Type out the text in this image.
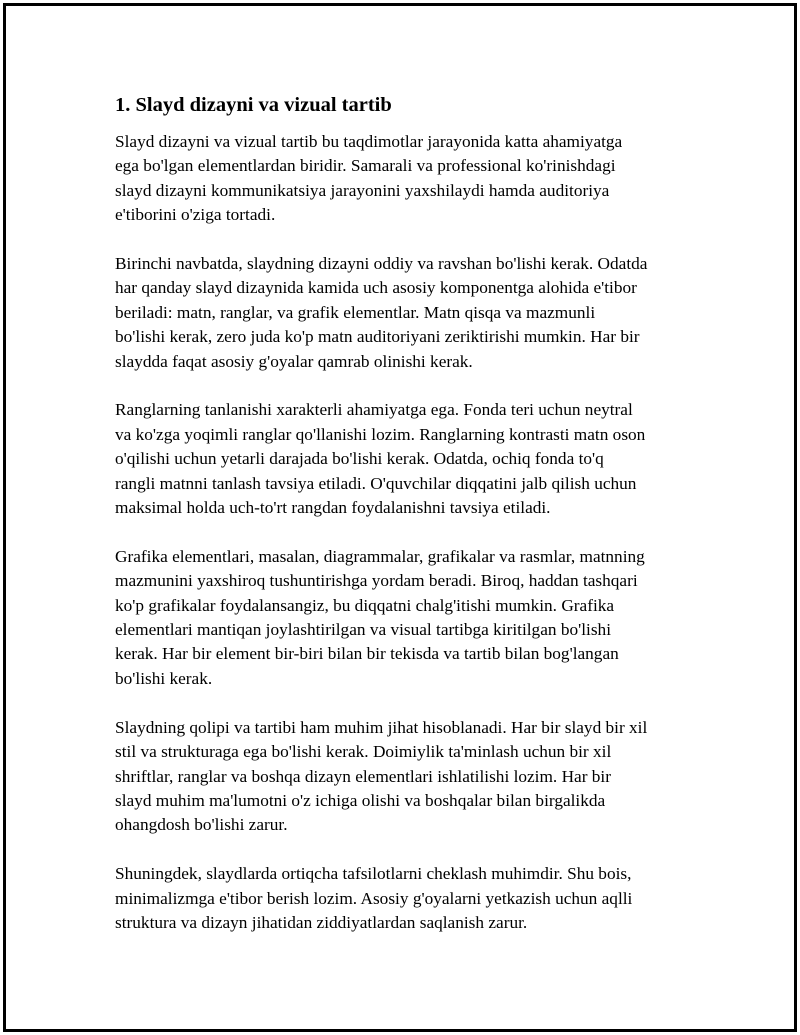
1. Slayd dizayni va vizual tartib
Slayd dizayni va vizual tartib bu taqdimotlar jarayonida katta ahamiyatga
ega bo'lgan elementlardan biridir. Samarali va professional ko'rinishdagi
slayd dizayni kommunikatsiya jarayonini yaxshilaydi hamda auditoriya
e'tiborini o'ziga tortadi.
Birinchi navbatda, slaydning dizayni oddiy va ravshan bo'lishi kerak. Odatda
har qanday slayd dizaynida kamida uch asosiy komponentga alohida e'tibor
beriladi: matn, ranglar, va grafik elementlar. Matn qisqa va mazmunli
bo'lishi kerak, zero juda ko'p matn auditoriyani zeriktirishi mumkin. Har bir
slaydda faqat asosiy g'oyalar qamrab olinishi kerak.
Ranglarning tanlanishi xarakterli ahamiyatga ega. Fonda teri uchun neytral
va ko'zga yoqimli ranglar qo'llanishi lozim. Ranglarning kontrasti matn oson
o'qilishi uchun yetarli darajada bo'lishi kerak. Odatda, ochiq fonda to'q
rangli matnni tanlash tavsiya etiladi. O'quvchilar diqqatini jalb qilish uchun
maksimal holda uch-to'rt rangdan foydalanishni tavsiya etiladi.
Grafika elementlari, masalan, diagrammalar, grafikalar va rasmlar, matnning
mazmunini yaxshiroq tushuntirishga yordam beradi. Biroq, haddan tashqari
ko'p grafikalar foydalansangiz, bu diqqatni chalg'itishi mumkin. Grafika
elementlari mantiqan joylashtirilgan va visual tartibga kiritilgan bo'lishi
kerak. Har bir element bir-biri bilan bir tekisda va tartib bilan bog'langan
bo'lishi kerak.
Slaydning qolipi va tartibi ham muhim jihat hisoblanadi. Har bir slayd bir xil
stil va strukturaga ega bo'lishi kerak. Doimiylik ta'minlash uchun bir xil
shriftlar, ranglar va boshqa dizayn elementlari ishlatilishi lozim. Har bir
slayd muhim ma'lumotni o'z ichiga olishi va boshqalar bilan birgalikda
ohangdosh bo'lishi zarur.
Shuningdek, slaydlarda ortiqcha tafsilotlarni cheklash muhimdir. Shu bois,
minimalizmga e'tibor berish lozim. Asosiy g'oyalarni yetkazish uchun aqlli
struktura va dizayn jihatidan ziddiyatlardan saqlanish zarur.
